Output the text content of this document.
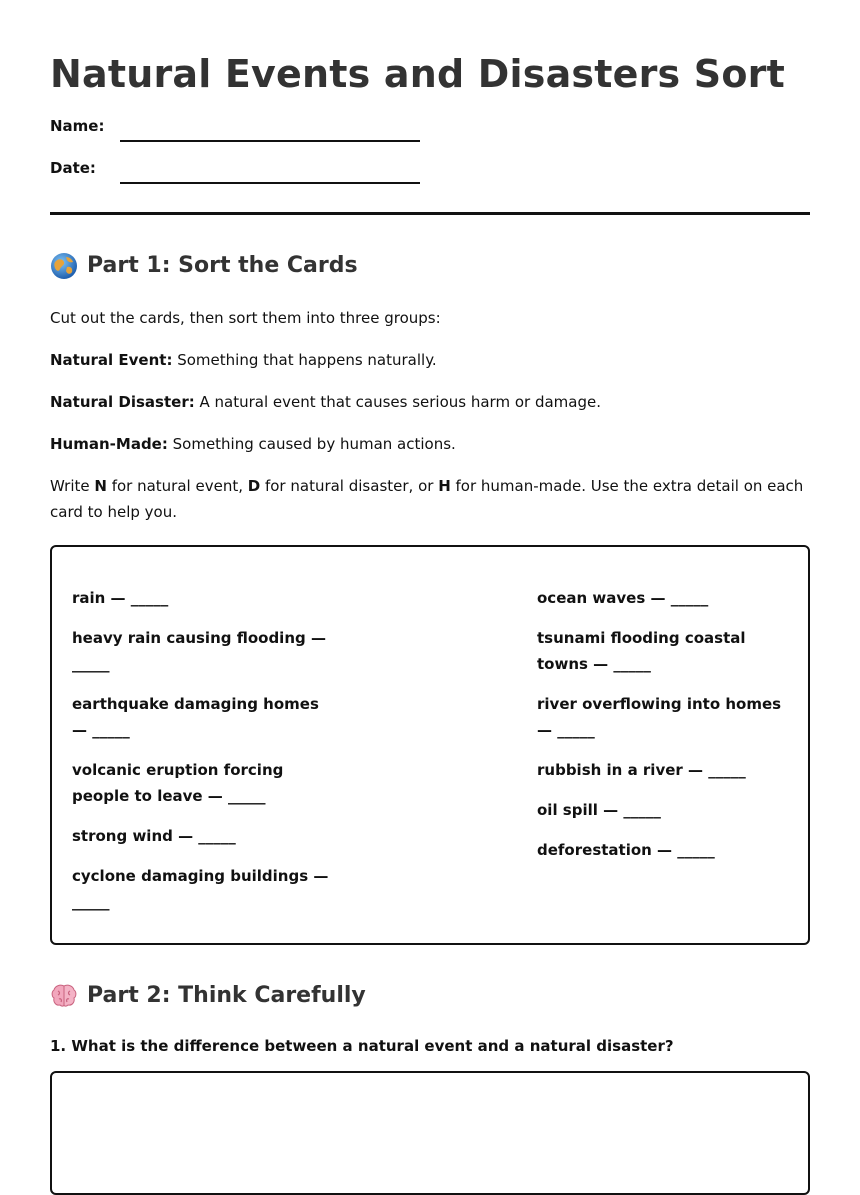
Natural Events and Disasters Sort
Name:
Date:
Part 1: Sort the Cards

Cut out the cards, then sort them into three groups:

Natural Event: Something that happens naturally.

Natural Disaster: A natural event that causes serious harm or damage.

Human-Made: Something caused by human actions.

Write N for natural event, D for natural disaster, or H for human-made. Use the extra detail on each card to help you.

rain — _____
heavy rain causing flooding — _____
earthquake damaging homes — _____
volcanic eruption forcing people to leave — _____
strong wind — _____
cyclone damaging buildings — _____
ocean waves — _____
tsunami flooding coastal towns — _____
river overflowing into homes — _____
rubbish in a river — _____
oil spill — _____
deforestation — _____
Part 2: Think Carefully
1. What is the difference between a natural event and a natural disaster?
